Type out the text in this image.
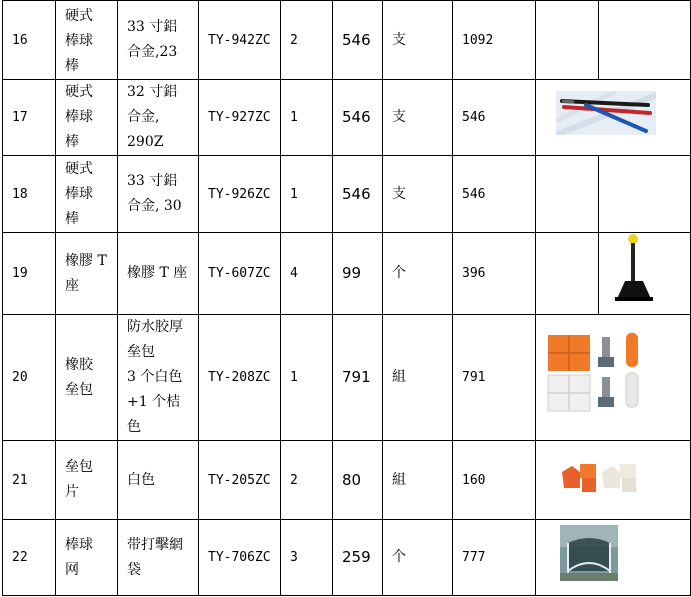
16	硬式
棒球
棒	33 寸鋁
合金,23	TY-942ZC	2	546	支	1092		
17	硬式
棒球
棒	32 寸鋁
合金,
290Z	TY-927ZC	1	546	支	546	
18	硬式
棒球
棒	33 寸鋁
合金, 30	TY-926ZC	1	546	支	546		
19	橡膠 T
座	橡膠 T 座	TY-607ZC	4	99	个	396		
20	橡胶
垒包	防水胶厚
垒包
3 个白色
+1 个桔
色	TY-208ZC	1	791	組	791	
21	垒包
片	白色	TY-205ZC	2	80	組	160	
22	棒球
网	带打擊網
袋	TY-706ZC	3	259	个	777	
